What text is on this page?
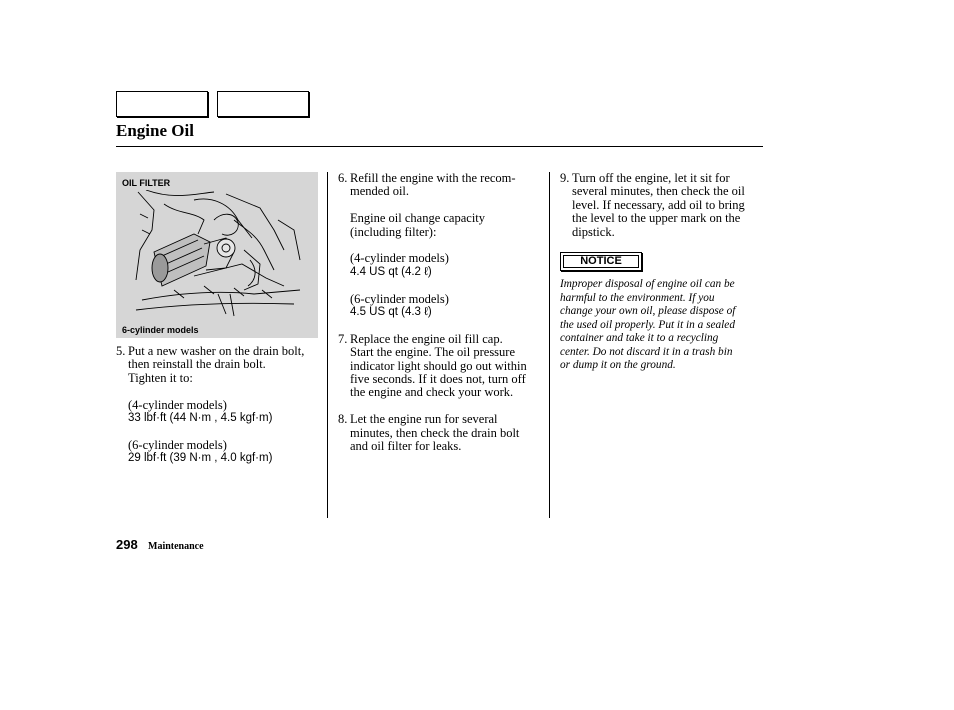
Engine Oil
OIL FILTER
6-cylinder models
5. Put a new washer on the drain bolt,
then reinstall the drain bolt.
Tighten it to:
(4-cylinder models)
33 lbf·ft (44 N·m , 4.5 kgf·m)
(6-cylinder models)
29 lbf·ft (39 N·m , 4.0 kgf·m)
6. Refill the engine with the recom-
mended oil.
Engine oil change capacity
(including filter):
(4-cylinder models)
4.4 US qt (4.2 ℓ)
(6-cylinder models)
4.5 US qt (4.3 ℓ)
7. Replace the engine oil fill cap.
Start the engine. The oil pressure
indicator light should go out within
five seconds. If it does not, turn off
the engine and check your work.
8. Let the engine run for several
minutes, then check the drain bolt
and oil filter for leaks.
9. Turn off the engine, let it sit for
several minutes, then check the oil
level. If necessary, add oil to bring
the level to the upper mark on the
dipstick.
NOTICE
Improper disposal of engine oil can be
harmful to the environment. If you
change your own oil, please dispose of
the used oil properly. Put it in a sealed
container and take it to a recycling
center. Do not discard it in a trash bin
or dump it on the ground.
298 Maintenance
